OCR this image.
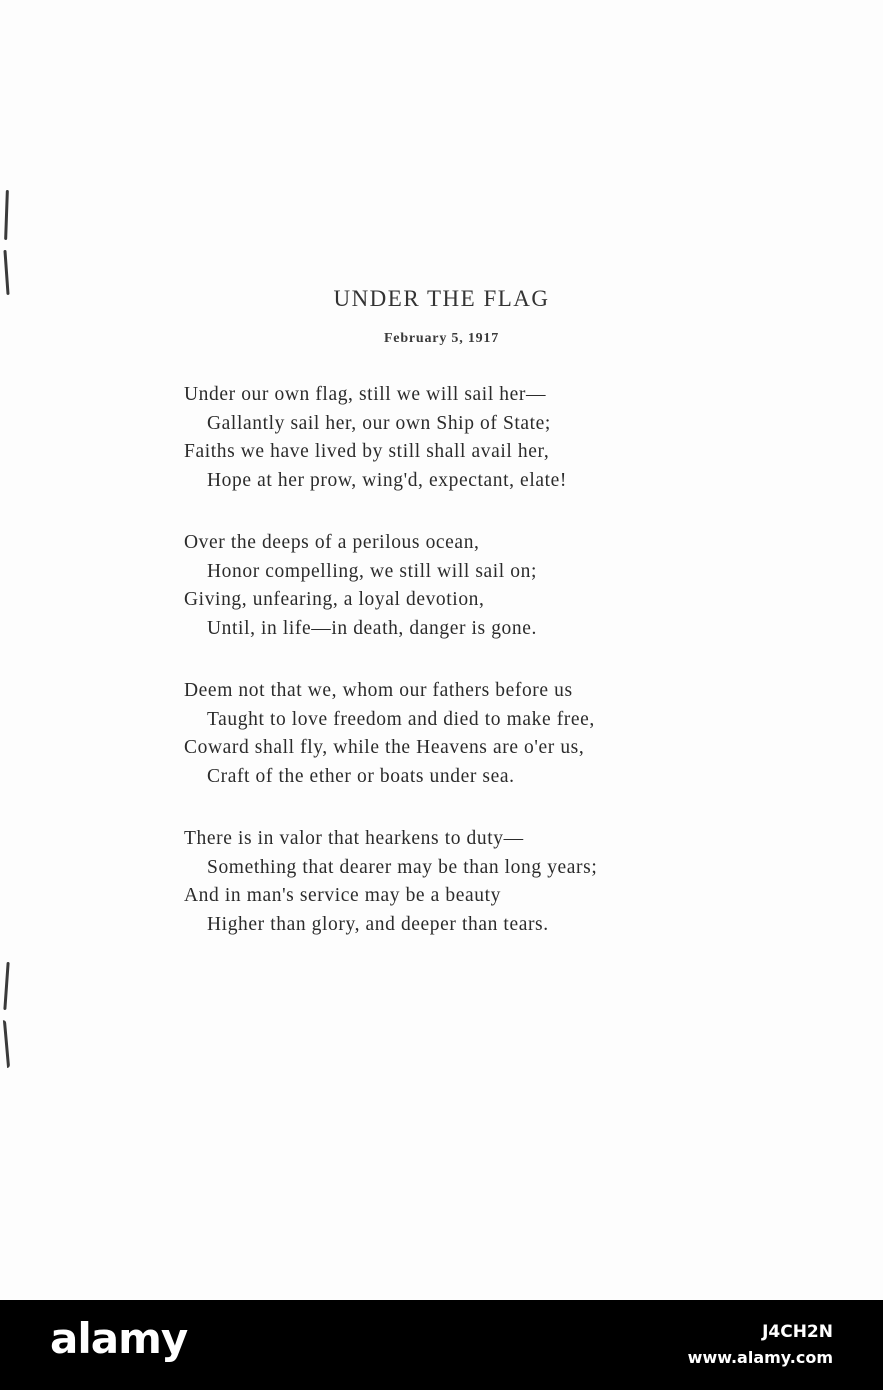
UNDER THE FLAG
February 5, 1917
Under our own flag, still we will sail her—
Gallantly sail her, our own Ship of State;
Faiths we have lived by still shall avail her,
Hope at her prow, wing'd, expectant, elate!
Over the deeps of a perilous ocean,
Honor compelling, we still will sail on;
Giving, unfearing, a loyal devotion,
Until, in life—in death, danger is gone.
Deem not that we, whom our fathers before us
Taught to love freedom and died to make free,
Coward shall fly, while the Heavens are o'er us,
Craft of the ether or boats under sea.
There is in valor that hearkens to duty—
Something that dearer may be than long years;
And in man's service may be a beauty
Higher than glory, and deeper than tears.
alamy	J4CH2N
www.alamy.com
